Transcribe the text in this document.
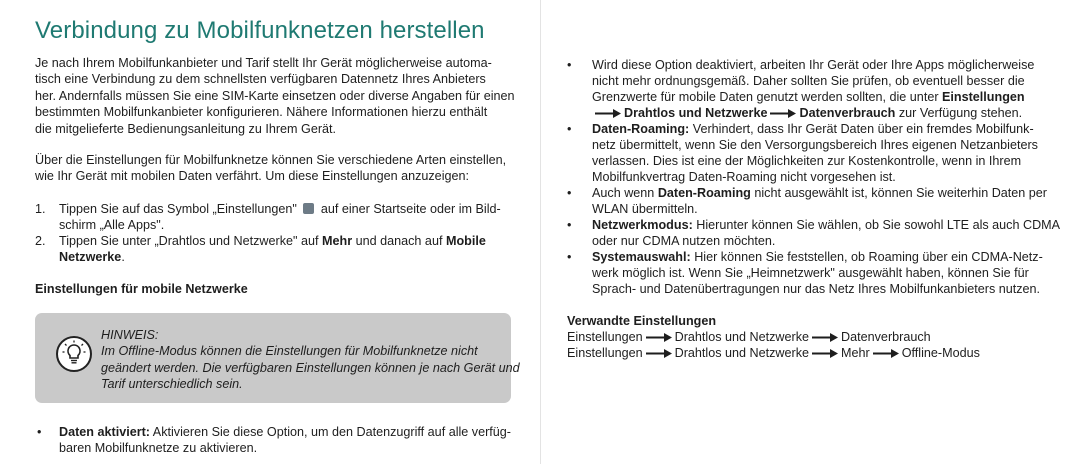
Verbindung zu Mobilfunknetzen herstellen
Je nach Ihrem Mobilfunkanbieter und Tarif stellt Ihr Gerät möglicherweise automa-
tisch eine Verbindung zu dem schnellsten verfügbaren Datennetz Ihres Anbieters
her. Andernfalls müssen Sie eine SIM-Karte einsetzen oder diverse Angaben für einen
bestimmten Mobilfunkanbieter konfigurieren. Nähere Informationen hierzu enthält
die mitgelieferte Bedienungsanleitung zu Ihrem Gerät.
Über die Einstellungen für Mobilfunknetze können Sie verschiedene Arten einstellen,
wie Ihr Gerät mit mobilen Daten verfährt. Um diese Einstellungen anzuzeigen:
1. Tippen Sie auf das Symbol „Einstellungen" auf einer Startseite oder im Bild-
schirm „Alle Apps".
2. Tippen Sie unter „Drahtlos und Netzwerke" auf Mehr und danach auf Mobile
Netzwerke.
Einstellungen für mobile Netzwerke
HINWEIS:
Im Offline-Modus können die Einstellungen für Mobilfunknetze nicht
geändert werden. Die verfügbaren Einstellungen können je nach Gerät und
Tarif unterschiedlich sein.
• Daten aktiviert: Aktivieren Sie diese Option, um den Datenzugriff auf alle verfüg-
baren Mobilfunknetze zu aktivieren.
• Wird diese Option deaktiviert, arbeiten Ihr Gerät oder Ihre Apps möglicherweise
nicht mehr ordnungsgemäß. Daher sollten Sie prüfen, ob eventuell besser die
Grenzwerte für mobile Daten genutzt werden sollten, die unter Einstellungen
Drahtlos und Netzwerke	Datenverbrauch zur Verfügung stehen.
• Daten-Roaming: Verhindert, dass Ihr Gerät Daten über ein fremdes Mobilfunk-
netz übermittelt, wenn Sie den Versorgungsbereich Ihres eigenen Netzanbieters
verlassen. Dies ist eine der Möglichkeiten zur Kostenkontrolle, wenn in Ihrem
Mobilfunkvertrag Daten-Roaming nicht vorgesehen ist.
• Auch wenn Daten-Roaming nicht ausgewählt ist, können Sie weiterhin Daten per
WLAN übermitteln.
• Netzwerkmodus: Hierunter können Sie wählen, ob Sie sowohl LTE als auch CDMA
oder nur CDMA nutzen möchten.
• Systemauswahl: Hier können Sie feststellen, ob Roaming über ein CDMA-Netz-
werk möglich ist. Wenn Sie „Heimnetzwerk" ausgewählt haben, können Sie für
Sprach- und Datenübertragungen nur das Netz Ihres Mobilfunkanbieters nutzen.
Verwandte Einstellungen
Einstellungen	Drahtlos und Netzwerke	Datenverbrauch
Einstellungen	Drahtlos und Netzwerke	Mehr	Offline-Modus
